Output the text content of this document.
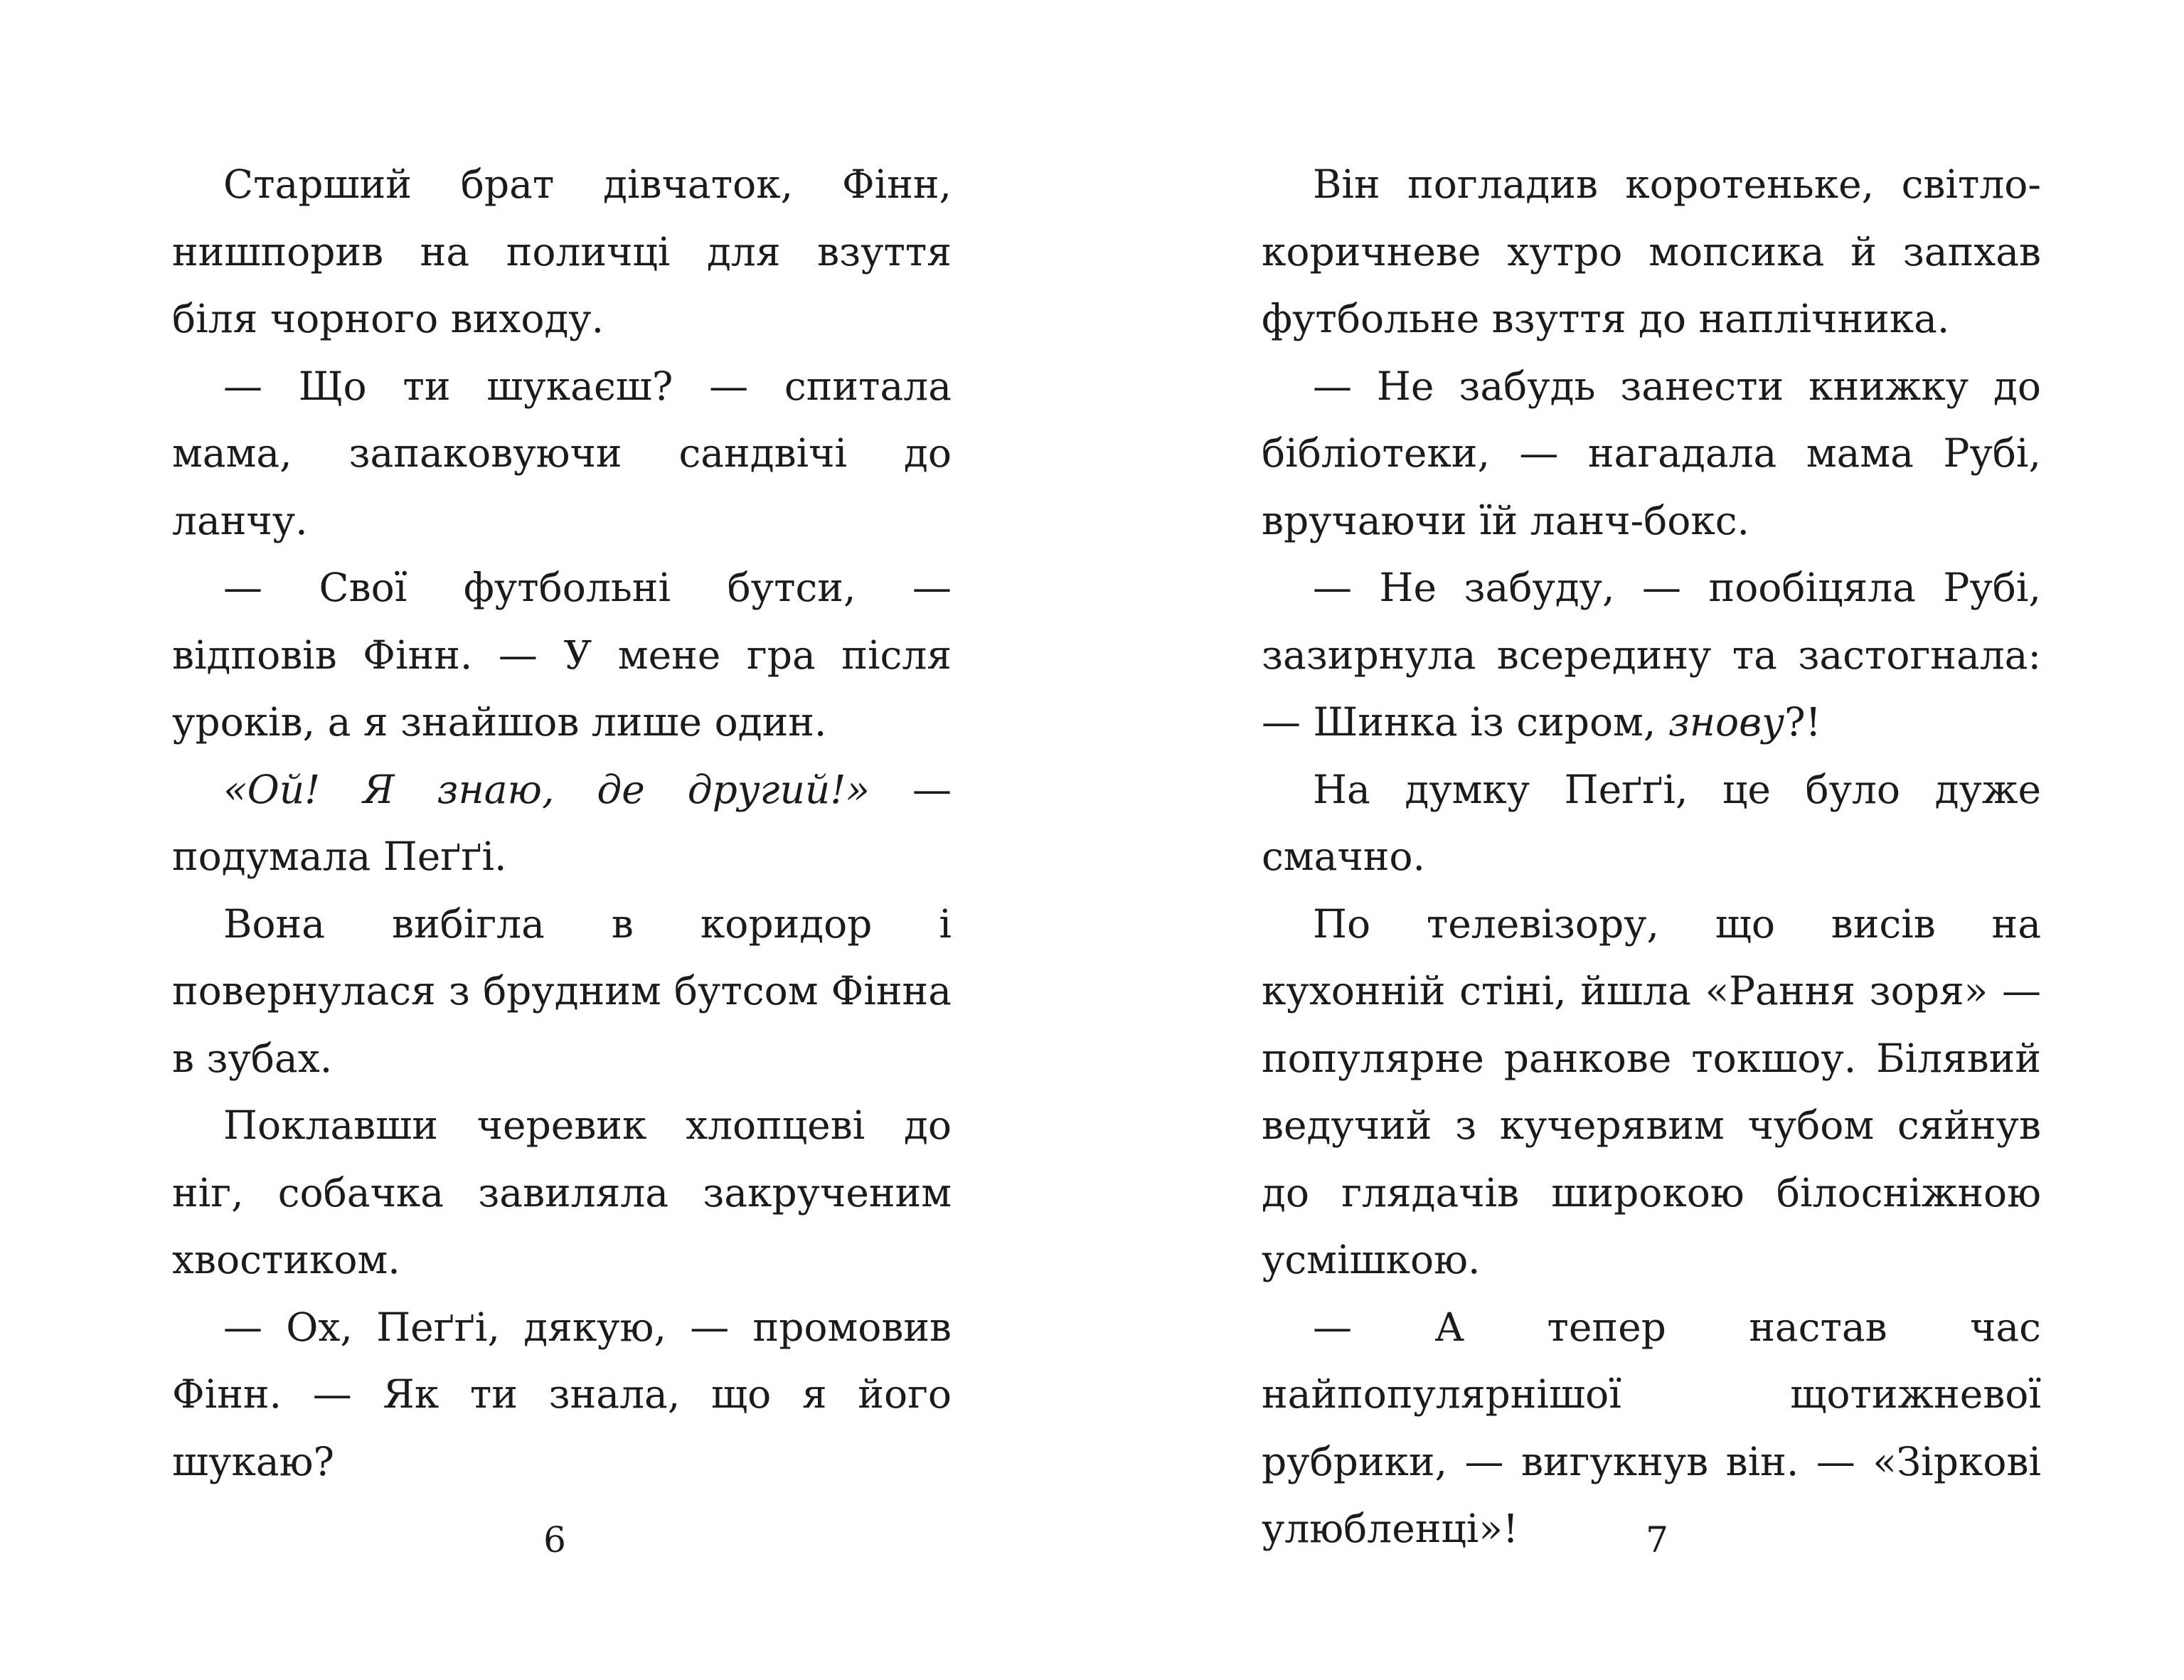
Старший брат дівчаток, Фінн, нишпорив на поличці для взуття біля чорного виходу.

— Що ти шукаєш? — спитала мама, запаковуючи сандвічі до ланчу.

— Свої футбольні бутси, — відповів Фінн. — У мене гра після уроків, а я знайшов лише один.

«Ой! Я знаю, де другий!» — подумала Пеґґі.

Вона вибігла в коридор і повернулася з брудним бутсом Фінна в зубах.

Поклавши черевик хлопцеві до ніг, собачка завиляла закрученим хвостиком.

— Ох, Пеґґі, дякую, — промовив Фінн. — Як ти знала, що я його шукаю?

Він погладив коротеньке, світло-коричневе хутро мопсика й запхав футбольне взуття до наплічника.

— Не забудь занести книжку до бібліотеки, — нагадала мама Рубі, вручаючи їй ланч-бокс.

— Не забуду, — пообіцяла Рубі, зазирнула всередину та застогнала: — Шинка із сиром, знову?!

На думку Пеґґі, це було дуже смачно.

По телевізору, що висів на кухонній стіні, йшла «Рання зоря» — популярне ранкове токшоу. Білявий ведучий з кучерявим чубом сяйнув до глядачів широкою білосніжною усмішкою.

— А тепер настав час найпопулярнішої щотижневої рубрики, — вигукнув він. — «Зіркові улюбленці»!

6	7
